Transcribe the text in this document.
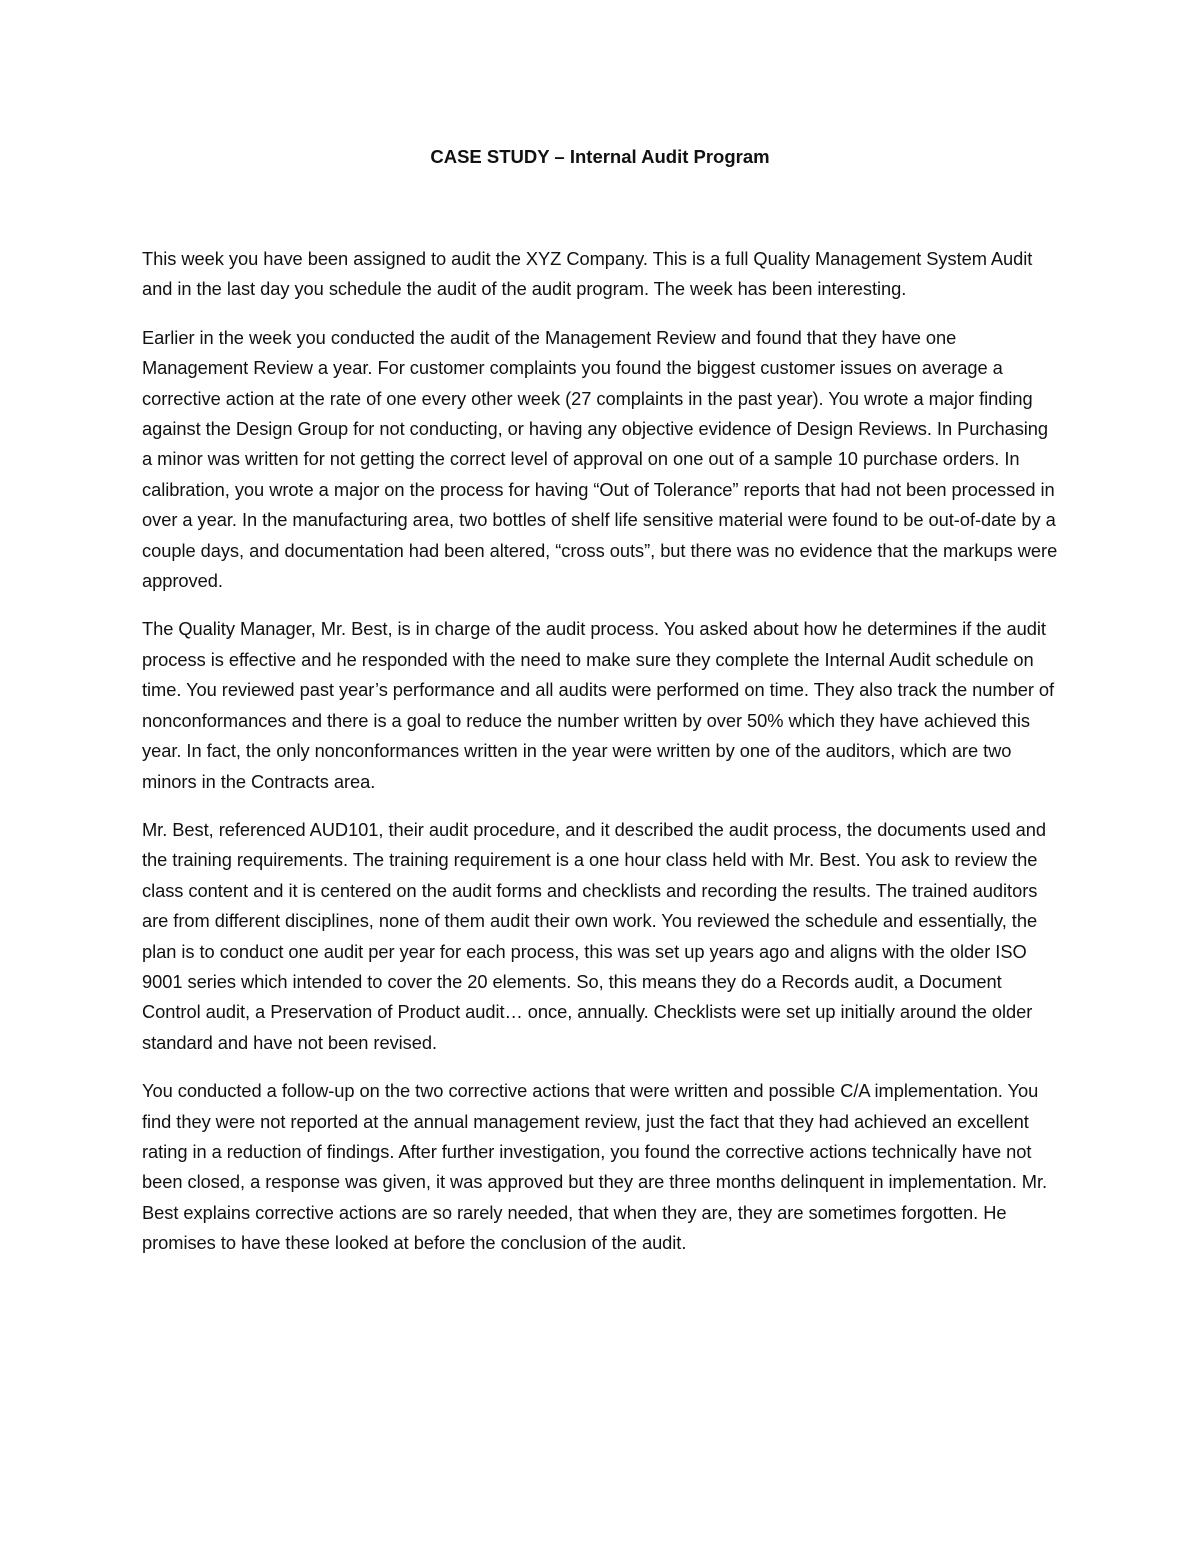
CASE STUDY – Internal Audit Program

This week you have been assigned to audit the XYZ Company. This is a full Quality Management System Audit and in the last day you schedule the audit of the audit program. The week has been interesting.

Earlier in the week you conducted the audit of the Management Review and found that they have one Management Review a year. For customer complaints you found the biggest customer issues on average a corrective action at the rate of one every other week (27 complaints in the past year). You wrote a major finding against the Design Group for not conducting, or having any objective evidence of Design Reviews. In Purchasing a minor was written for not getting the correct level of approval on one out of a sample 10 purchase orders. In calibration, you wrote a major on the process for having “Out of Tolerance” reports that had not been processed in over a year. In the manufacturing area, two bottles of shelf life sensitive material were found to be out-of-date by a couple days, and documentation had been altered, “cross outs”, but there was no evidence that the markups were approved.

The Quality Manager, Mr. Best, is in charge of the audit process. You asked about how he determines if the audit process is effective and he responded with the need to make sure they complete the Internal Audit schedule on time. You reviewed past year’s performance and all audits were performed on time. They also track the number of nonconformances and there is a goal to reduce the number written by over 50% which they have achieved this year. In fact, the only nonconformances written in the year were written by one of the auditors, which are two minors in the Contracts area.

Mr. Best, referenced AUD101, their audit procedure, and it described the audit process, the documents used and the training requirements. The training requirement is a one hour class held with Mr. Best. You ask to review the class content and it is centered on the audit forms and checklists and recording the results. The trained auditors are from different disciplines, none of them audit their own work. You reviewed the schedule and essentially, the plan is to conduct one audit per year for each process, this was set up years ago and aligns with the older ISO 9001 series which intended to cover the 20 elements. So, this means they do a Records audit, a Document Control audit, a Preservation of Product audit… once, annually. Checklists were set up initially around the older standard and have not been revised.

You conducted a follow-up on the two corrective actions that were written and possible C/A implementation. You find they were not reported at the annual management review, just the fact that they had achieved an excellent rating in a reduction of findings. After further investigation, you found the corrective actions technically have not been closed, a response was given, it was approved but they are three months delinquent in implementation. Mr. Best explains corrective actions are so rarely needed, that when they are, they are sometimes forgotten. He promises to have these looked at before the conclusion of the audit.
